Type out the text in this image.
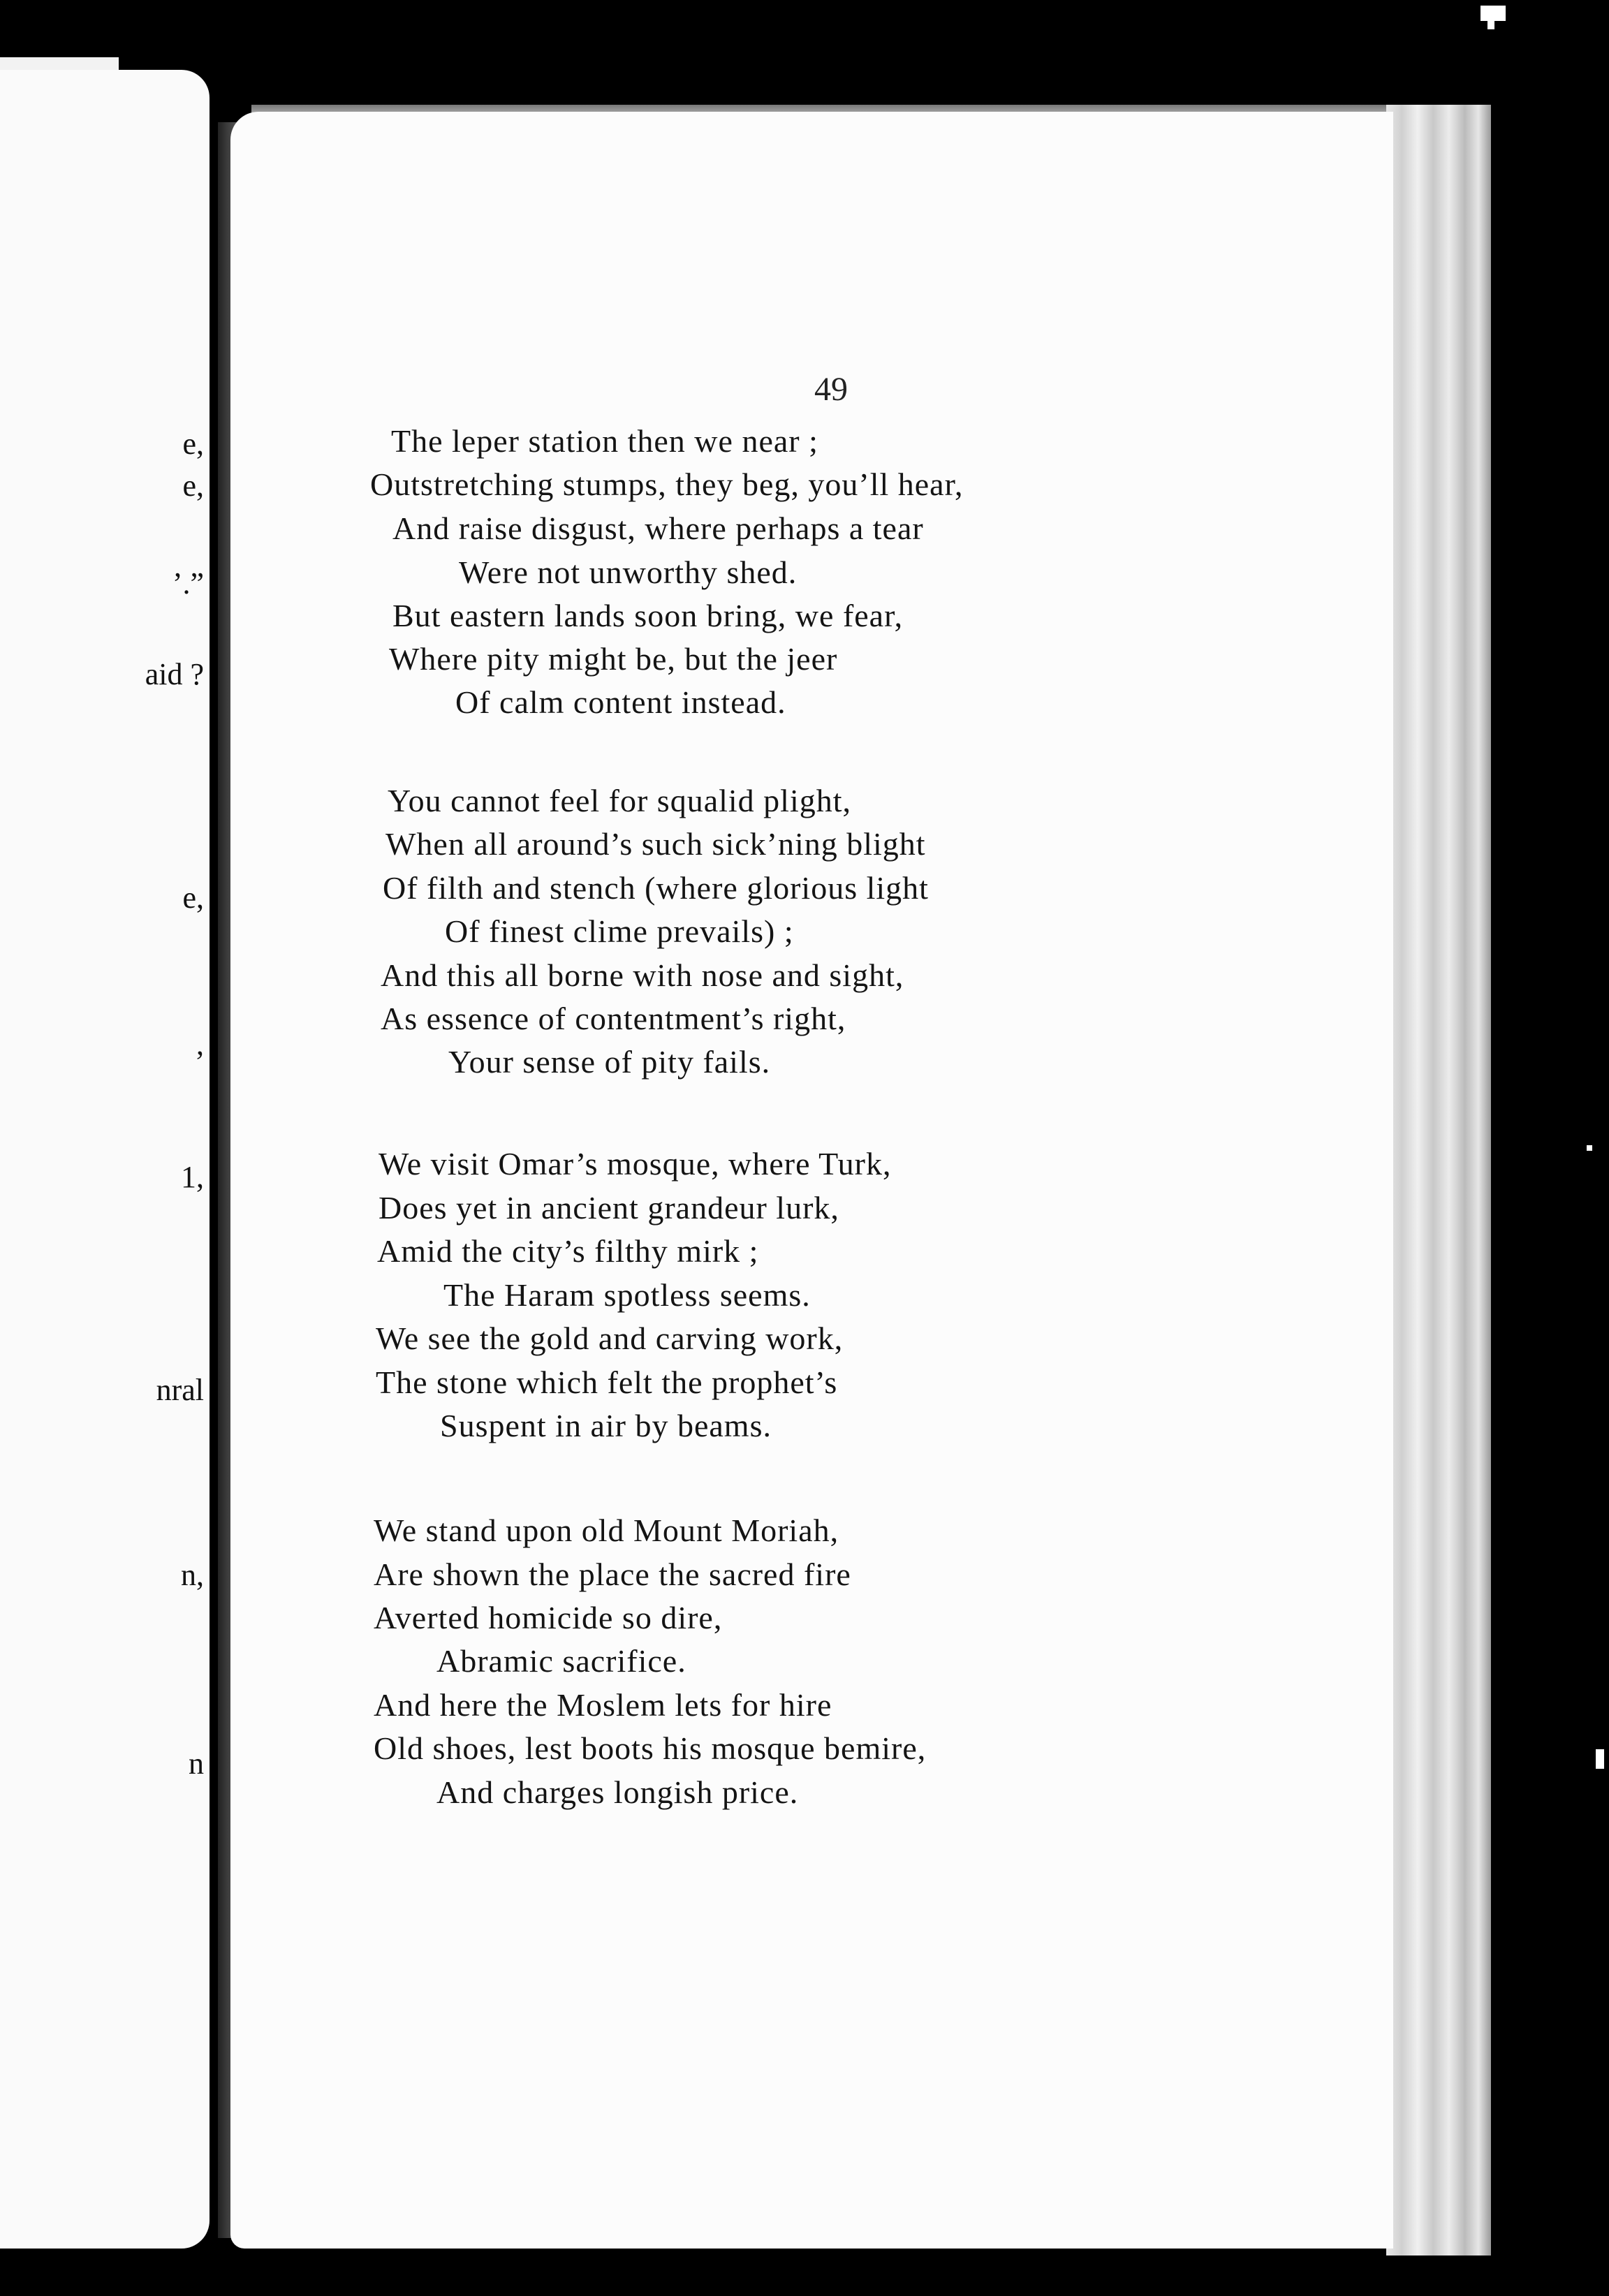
e,
e,
’.”
aid ?
e,
,
1,
nral
n,
n
49
The leper station then we near ;
Outstretching stumps, they beg, you’ll hear,
And raise disgust, where perhaps a tear
Were not unworthy shed.
But eastern lands soon bring, we fear,
Where pity might be, but the jeer
Of calm content instead.
You cannot feel for squalid plight,
When all around’s such sick’ning blight
Of filth and stench (where glorious light
Of finest clime prevails) ;
And this all borne with nose and sight,
As essence of contentment’s right,
Your sense of pity fails.
We visit Omar’s mosque, where Turk,
Does yet in ancient grandeur lurk,
Amid the city’s filthy mirk ;
The Haram spotless seems.
We see the gold and carving work,
The stone which felt the prophet’s
Suspent in air by beams.
We stand upon old Mount Moriah,
Are shown the place the sacred fire
Averted homicide so dire,
Abramic sacrifice.
And here the Moslem lets for hire
Old shoes, lest boots his mosque bemire,
And charges longish price.
